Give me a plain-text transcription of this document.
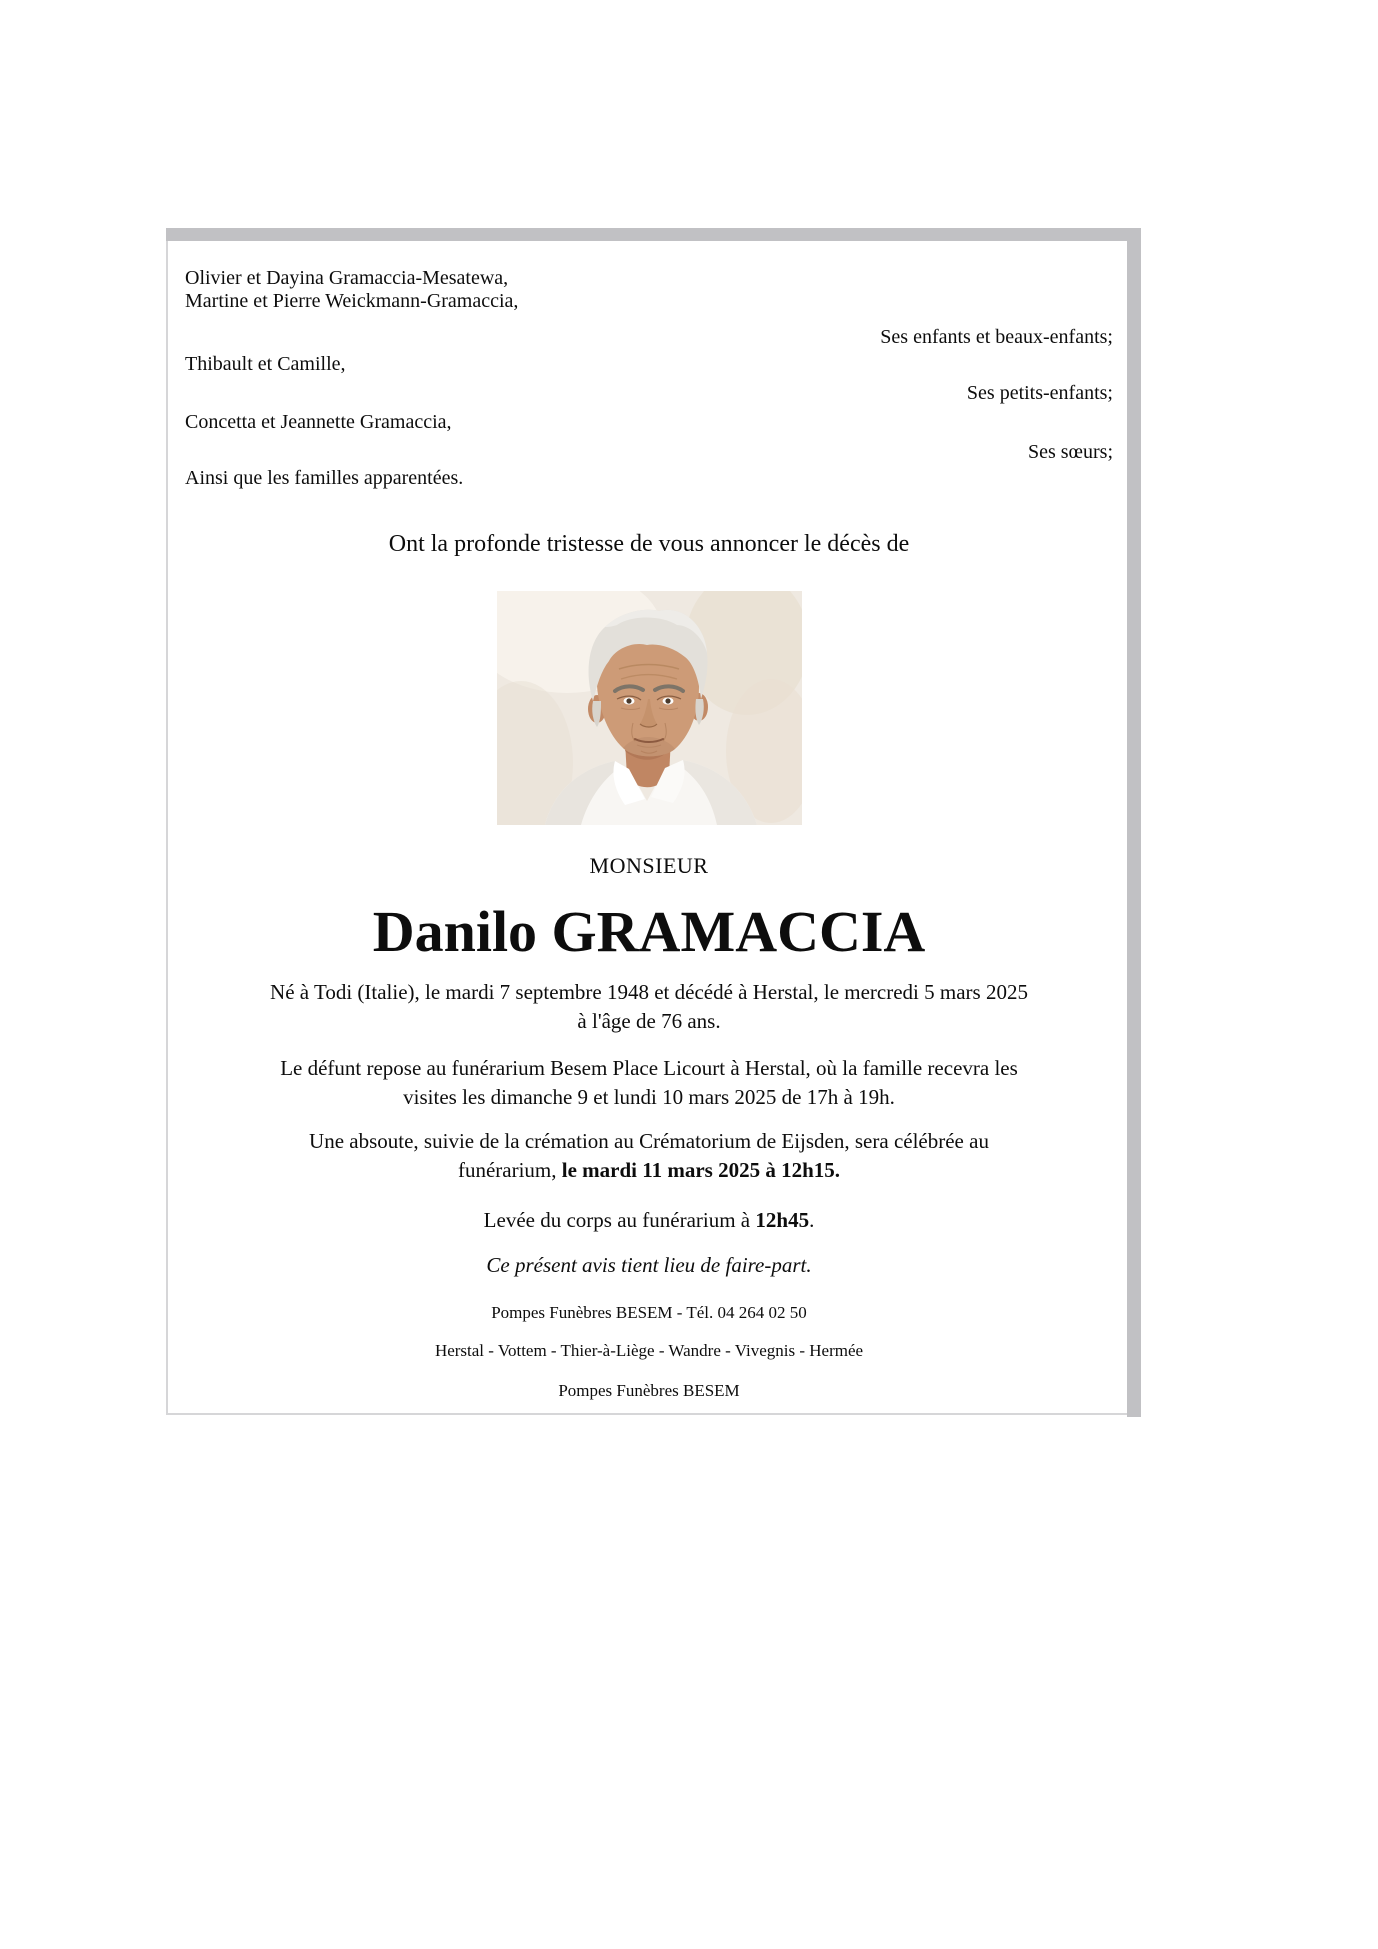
Olivier et Dayina Gramaccia-Mesatewa,
Martine et Pierre Weickmann-Gramaccia,
Ses enfants et beaux-enfants;
Thibault et Camille,
Ses petits-enfants;
Concetta et Jeannette Gramaccia,
Ses sœurs;
Ainsi que les familles apparentées.
Ont la profonde tristesse de vous annoncer le décès de
MONSIEUR
Danilo GRAMACCIA

Né à Todi (Italie), le mardi 7 septembre 1948 et décédé à Herstal, le mercredi 5 mars 2025
à l'âge de 76 ans.

Le défunt repose au funérarium Besem Place Licourt à Herstal, où la famille recevra les
visites les dimanche 9 et lundi 10 mars 2025 de 17h à 19h.

Une absoute, suivie de la crémation au Crématorium de Eijsden, sera célébrée au
funérarium, le mardi 11 mars 2025 à 12h15.

Levée du corps au funérarium à 12h45.

Ce présent avis tient lieu de faire-part.

Pompes Funèbres BESEM - Tél. 04 264 02 50

Herstal - Vottem - Thier-à-Liège - Wandre - Vivegnis - Hermée

Pompes Funèbres BESEM
